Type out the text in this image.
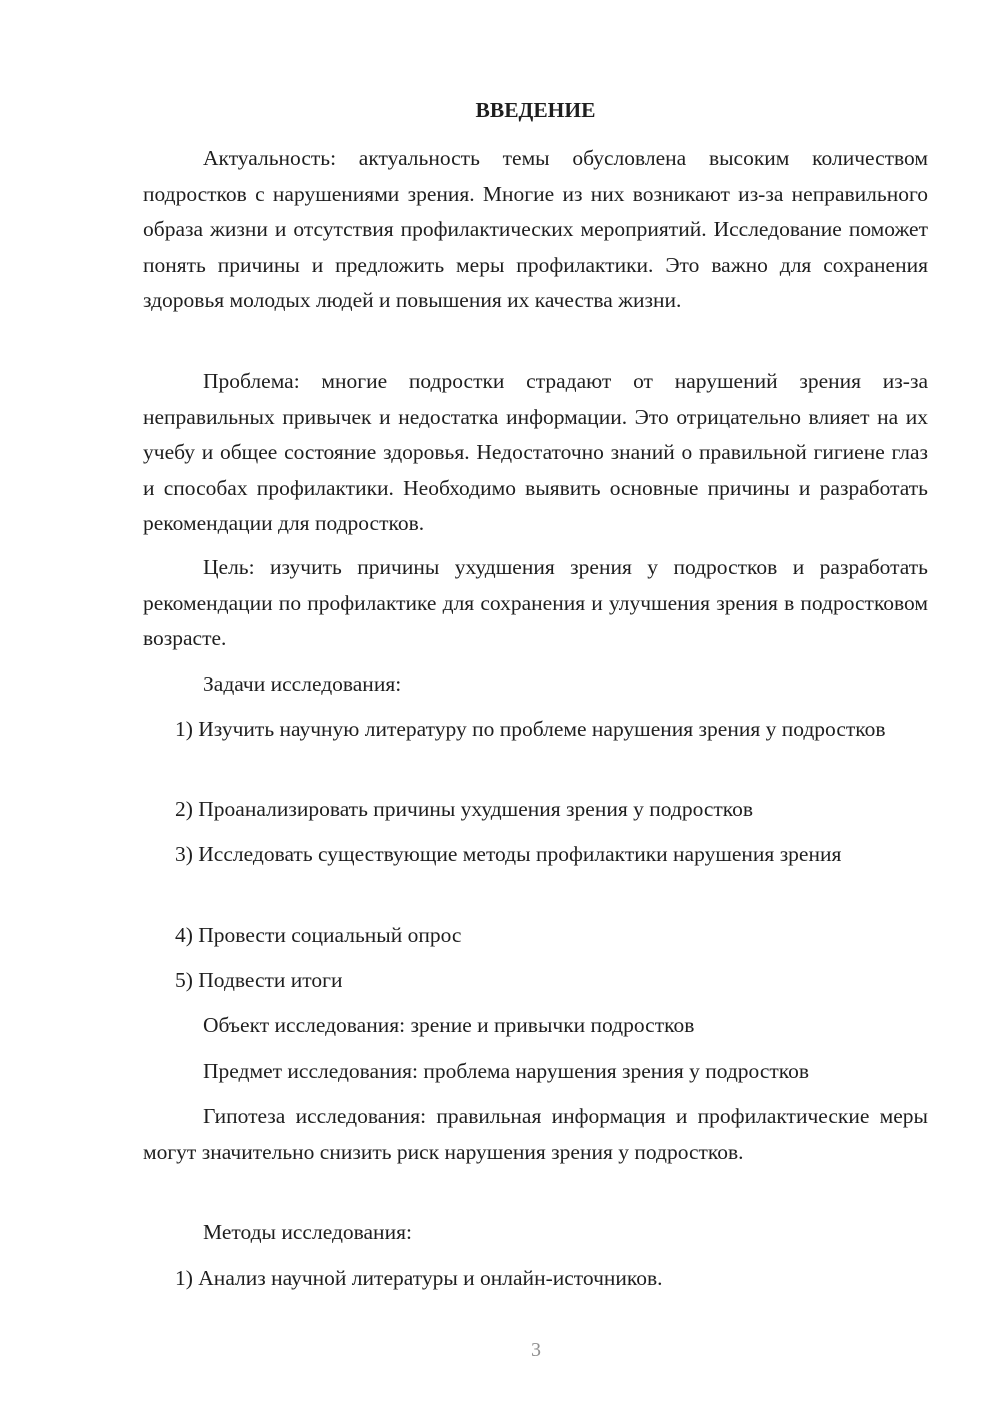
ВВЕДЕНИЕ

Актуальность: актуальность темы обусловлена высоким количеством подростков с нарушениями зрения. Многие из них возникают из-за неправильного образа жизни и отсутствия профилактических мероприятий. Исследование поможет понять причины и предложить меры профилактики. Это важно для сохранения здоровья молодых людей и повышения их качества жизни.

Проблема: многие подростки страдают от нарушений зрения из-за неправильных привычек и недостатка информации. Это отрицательно влияет на их учебу и общее состояние здоровья. Недостаточно знаний о правильной гигиене глаз и способах профилактики. Необходимо выявить основные причины и разработать рекомендации для подростков.

Цель: изучить причины ухудшения зрения у подростков и разработать рекомендации по профилактике для сохранения и улучшения зрения в подростковом возрасте.

Задачи исследования:

1) Изучить научную литературу по проблеме нарушения зрения у подростков

2) Проанализировать причины ухудшения зрения у подростков

3) Исследовать существующие методы профилактики нарушения зрения

4) Провести социальный опрос

5) Подвести итоги

Объект исследования: зрение и привычки подростков

Предмет исследования: проблема нарушения зрения у подростков

Гипотеза исследования: правильная информация и профилактические меры могут значительно снизить риск нарушения зрения у подростков.

Методы исследования:

1) Анализ научной литературы и онлайн-источников.

3
